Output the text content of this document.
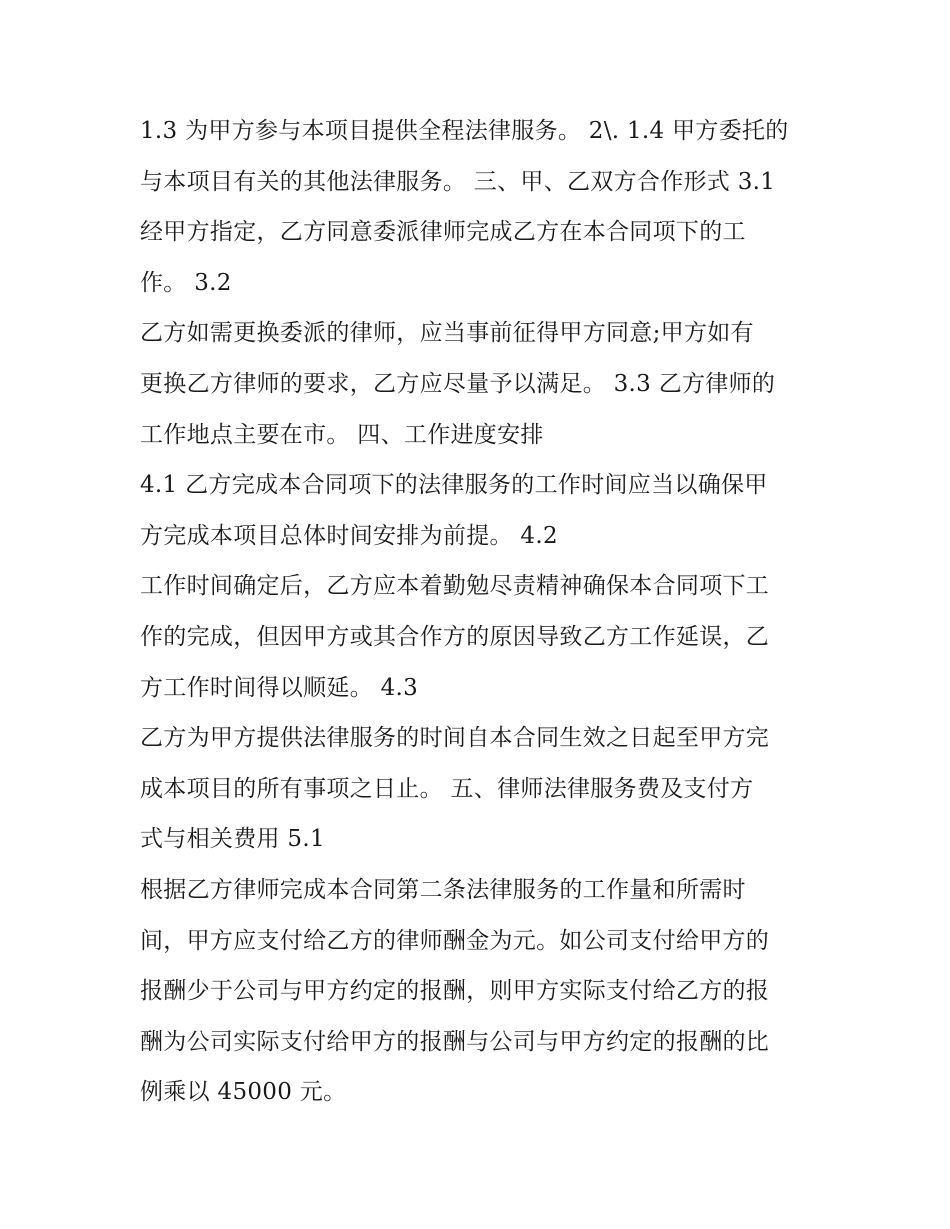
1.3 为甲方参与本项目提供全程法律服务。 2\. 1.4 甲方委托的
与本项目有关的其他法律服务。 三、甲、乙双方合作形式 3.1
经甲方指定，乙方同意委派律师完成乙方在本合同项下的工
作。 3.2
乙方如需更换委派的律师，应当事前征得甲方同意;甲方如有
更换乙方律师的要求，乙方应尽量予以满足。 3.3 乙方律师的
工作地点主要在市。 四、工作进度安排
4.1 乙方完成本合同项下的法律服务的工作时间应当以确保甲
方完成本项目总体时间安排为前提。 4.2
工作时间确定后，乙方应本着勤勉尽责精神确保本合同项下工
作的完成，但因甲方或其合作方的原因导致乙方工作延误，乙
方工作时间得以顺延。 4.3
乙方为甲方提供法律服务的时间自本合同生效之日起至甲方完
成本项目的所有事项之日止。 五、律师法律服务费及支付方
式与相关费用 5.1
根据乙方律师完成本合同第二条法律服务的工作量和所需时
间，甲方应支付给乙方的律师酬金为元。如公司支付给甲方的
报酬少于公司与甲方约定的报酬，则甲方实际支付给乙方的报
酬为公司实际支付给甲方的报酬与公司与甲方约定的报酬的比
例乘以 45000 元。
